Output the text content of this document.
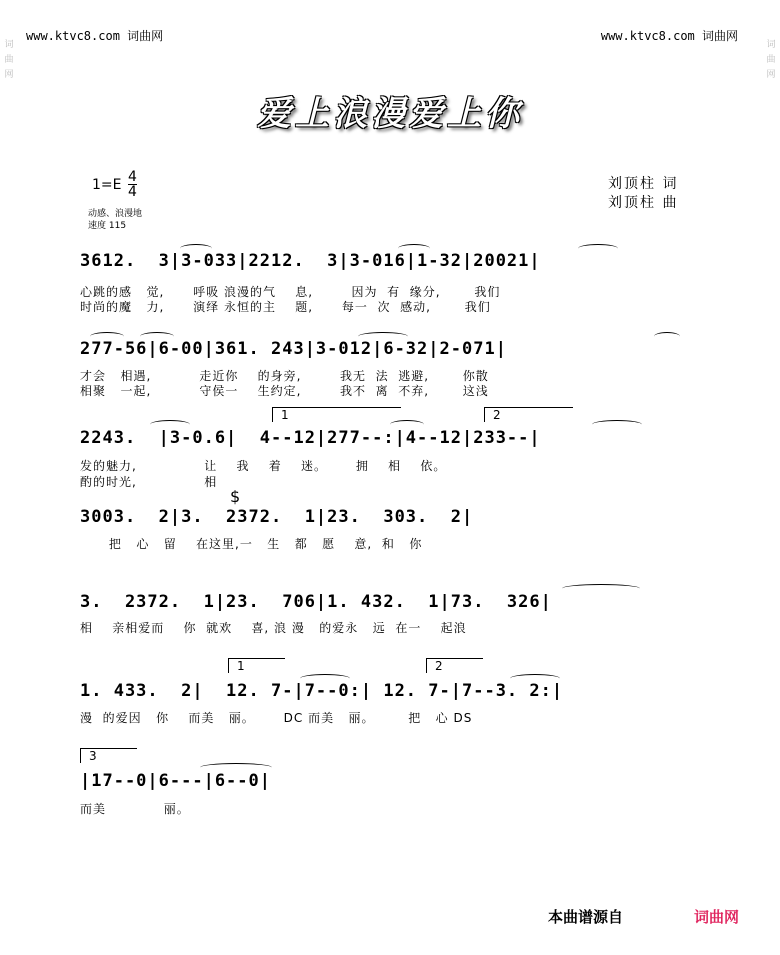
www.ktvc8.com 词曲网	www.ktvc8.com 词曲网
词
曲
网
词
曲
网
爱上浪漫爱上你
1=E 4
4
动感、浪漫地
速度 115
刘顶柱 词
刘顶柱 曲
3612.  3|3-033|2212.  3|3-016|1-32|20021|
心跳的感   觉,      呼吸 浪漫的气    息,        因为  有  缘分,       我们
时尚的魔   力,      演绎 永恒的主    题,      每一  次  感动,       我们
277-56|6-00|361. 243|3-012|6-32|2-071|
才会   相遇,          走近你    的身旁,        我无  法  逃避,       你散
相聚   一起,          守侯一    生约定,        我不  离  不弃,       这浅
1	2
2243.  |3-0.6|  4--12|277--:|4--12|233--|
发的魅力,              让    我    着    迷。      拥    相    依。
酌的时光,              相
$
3003.  2|3.  2372.  1|23.  303.  2|
把   心   留    在这里,一   生   都   愿    意,  和   你
3.  2372.  1|23.  706|1. 432.  1|73.  326|
相    亲相爱而    你  就欢    喜, 浪 漫   的爱永   远  在一    起浪
1	2
1. 433.  2|  12. 7-|7--0:| 12. 7-|7--3. 2:|
漫  的爱因   你    而美   丽。      DC 而美   丽。       把   心 DS
3
|17--0|6---|6--0|
而美            丽。
本曲谱源自	词曲网
